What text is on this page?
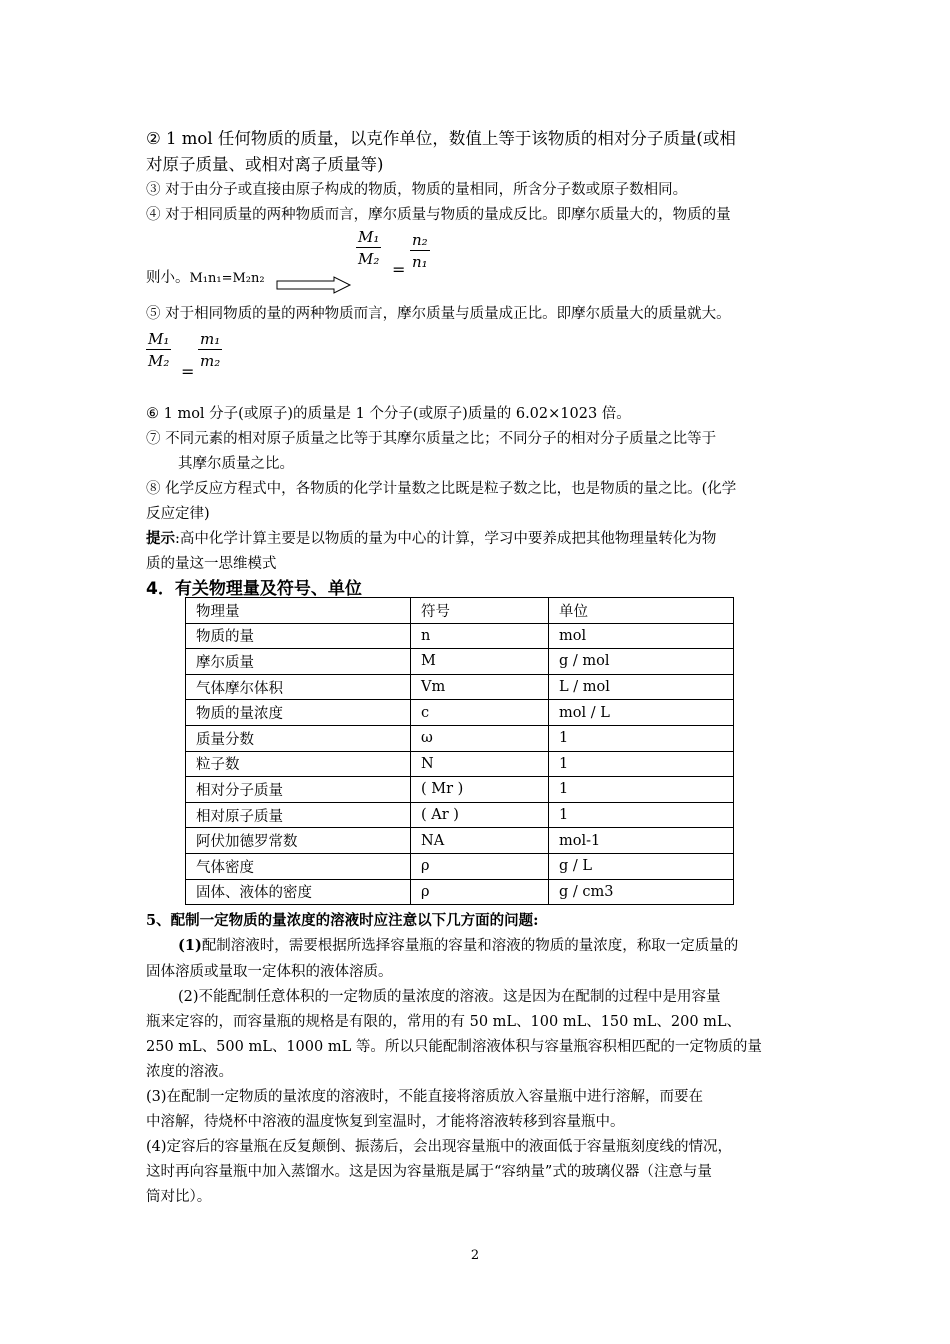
② 1 mol 任何物质的质量，以克作单位，数值上等于该物质的相对分子质量(或相
对原子质量、或相对离子质量等)
③ 对于由分子或直接由原子构成的物质，物质的量相同，所含分子数或原子数相同。
④ 对于相同质量的两种物质而言，摩尔质量与物质的量成反比。即摩尔质量大的，物质的量
则小。M₁n₁=M₂n₂
$\frac{\text{M₁}}{\text{M₂}}$
= $\frac{\text{n₂}}{\text{n₁}}$
⑤ 对于相同物质的量的两种物质而言，摩尔质量与质量成正比。即摩尔质量大的质量就大。
$\frac{\text{M₁}}{\text{M₂}}$
=
$\frac{\text{m₁}}{\text{m₂}}$
⑥ 1 mol 分子(或原子)的质量是 1 个分子(或原子)质量的 6.02×1023 倍。
⑦ 不同元素的相对原子质量之比等于其摩尔质量之比；不同分子的相对分子质量之比等于
其摩尔质量之比。
⑧ 化学反应方程式中，各物质的化学计量数之比既是粒子数之比，也是物质的量之比。(化学
反应定律)
提示:高中化学计算主要是以物质的量为中心的计算，学习中要养成把其他物理量转化为物
质的量这一思维模式
4．有关物理量及符号、单位
物理量	符号	单位
物质的量	n	mol
摩尔质量	M	g / mol
气体摩尔体积	Vm	L / mol
物质的量浓度	c	mol / L
质量分数	ω	1
粒子数	N	1
相对分子质量	( Mr )	1
相对原子质量	( Ar )	1
阿伏加德罗常数	NA	mol-1
气体密度	ρ	g / L
固体、液体的密度	ρ	g / cm3
5、配制一定物质的量浓度的溶液时应注意以下几方面的问题:
(1)配制溶液时，需要根据所选择容量瓶的容量和溶液的物质的量浓度，称取一定质量的
固体溶质或量取一定体积的液体溶质。
(2)不能配制任意体积的一定物质的量浓度的溶液。这是因为在配制的过程中是用容量
瓶来定容的，而容量瓶的规格是有限的，常用的有 50 mL、100 mL、150 mL、200 mL、
250 mL、500 mL、1000 mL 等。所以只能配制溶液体积与容量瓶容积相匹配的一定物质的量
浓度的溶液。
(3)在配制一定物质的量浓度的溶液时，不能直接将溶质放入容量瓶中进行溶解，而要在
中溶解，待烧杯中溶液的温度恢复到室温时，才能将溶液转移到容量瓶中。
(4)定容后的容量瓶在反复颠倒、振荡后，会出现容量瓶中的液面低于容量瓶刻度线的情况，
这时再向容量瓶中加入蒸馏水。这是因为容量瓶是属于“容纳量”式的玻璃仪器（注意与量
筒对比）。
2
